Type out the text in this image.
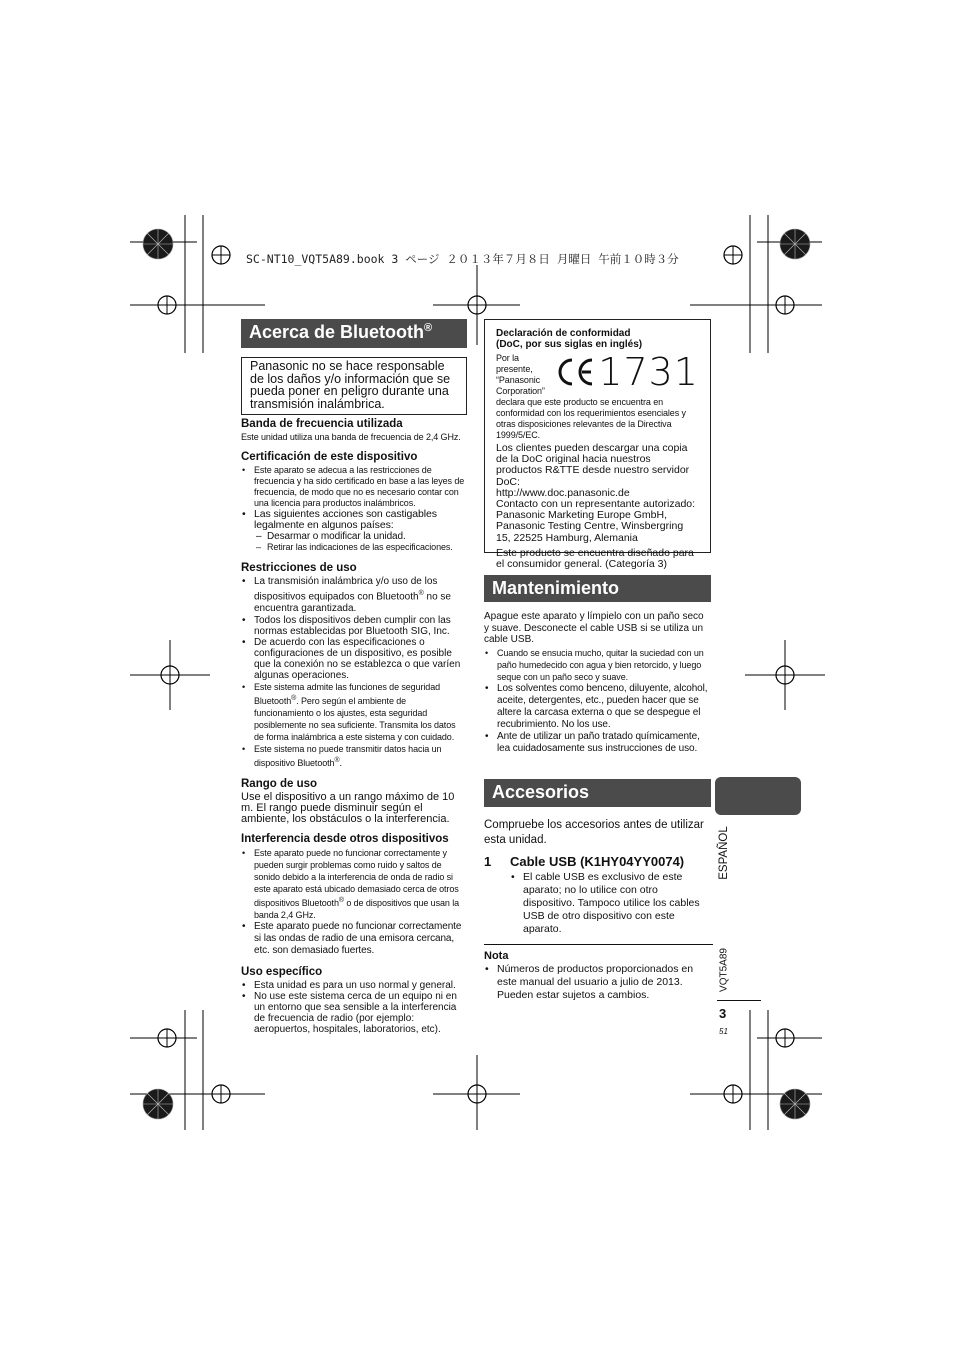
SC-NT10_VQT5A89.book 3 ページ ２０１３年７月８日 月曜日 午前１０時３分
Acerca de Bluetooth®
Panasonic no se hace responsable de los daños y/o información que se pueda poner en peligro durante una transmisión inalámbrica.
Banda de frecuencia utilizada
Este unidad utiliza una banda de frecuencia de 2,4 GHz.
Certificación de este dispositivo
• Este aparato se adecua a las restricciones de frecuencia y ha sido certificado en base a las leyes de frecuencia, de modo que no es necesario contar con una licencia para productos inalámbricos.
• Las siguientes acciones son castigables legalmente en algunos países:
– Desarmar o modificar la unidad.
– Retirar las indicaciones de las especificaciones.
Restricciones de uso
• La transmisión inalámbrica y/o uso de los dispositivos equipados con Bluetooth® no se encuentra garantizada.
• Todos los dispositivos deben cumplir con las normas establecidas por Bluetooth SIG, Inc.
• De acuerdo con las especificaciones o configuraciones de un dispositivo, es posible que la conexión no se establezca o que varíen algunas operaciones.
• Este sistema admite las funciones de seguridad Bluetooth®. Pero según el ambiente de funcionamiento o los ajustes, esta seguridad posiblemente no sea suficiente. Transmita los datos de forma inalámbrica a este sistema y con cuidado.
• Este sistema no puede transmitir datos hacia un dispositivo Bluetooth®.
Rango de uso
Use el dispositivo a un rango máximo de 10 m. El rango puede disminuir según el ambiente, los obstáculos o la interferencia.
Interferencia desde otros dispositivos
• Este aparato puede no funcionar correctamente y pueden surgir problemas como ruido y saltos de sonido debido a la interferencia de onda de radio si este aparato está ubicado demasiado cerca de otros dispositivos Bluetooth® o de dispositivos que usan la banda 2,4 GHz.
• Este aparato puede no funcionar correctamente si las ondas de radio de una emisora cercana, etc. son demasiado fuertes.
Uso específico
• Esta unidad es para un uso normal y general.
• No use este sistema cerca de un equipo ni en un entorno que sea sensible a la interferencia de frecuencia de radio (por ejemplo: aeropuertos, hospitales, laboratorios, etc).
Declaración de conformidad
(DoC, por sus siglas en inglés)
Por la presente, “Panasonic Corporation” 1731
declara que este producto se encuentra en conformidad con los requerimientos esenciales y otras disposiciones relevantes de la Directiva 1999/5/EC.
Los clientes pueden descargar una copia de la DoC original hacia nuestros productos R&TTE desde nuestro servidor DoC:
http://www.doc.panasonic.de
Contacto con un representante autorizado:
Panasonic Marketing Europe GmbH,
Panasonic Testing Centre, Winsbergring 15, 22525 Hamburg, Alemania
Este producto se encuentra diseñado para el consumidor general. (Categoría 3)
Mantenimiento
Apague este aparato y límpielo con un paño seco y suave. Desconecte el cable USB si se utiliza un cable USB.
• Cuando se ensucia mucho, quitar la suciedad con un paño humedecido con agua y bien retorcido, y luego seque con un paño seco y suave.
• Los solventes como benceno, diluyente, alcohol, aceite, detergentes, etc., pueden hacer que se altere la carcasa externa o que se despegue el recubrimiento. No los use.
• Ante de utilizar un paño tratado químicamente, lea cuidadosamente sus instrucciones de uso.
Accesorios
Compruebe los accesorios antes de utilizar esta unidad.
1	Cable USB (K1HY04YY0074)
• El cable USB es exclusivo de este aparato; no lo utilice con otro dispositivo. Tampoco utilice los cables USB de otro dispositivo con este aparato.
Nota
• Números de productos proporcionados en este manual del usuario a julio de 2013. Pueden estar sujetos a cambios.
ESPAÑOL
VQT5A89
3
51
